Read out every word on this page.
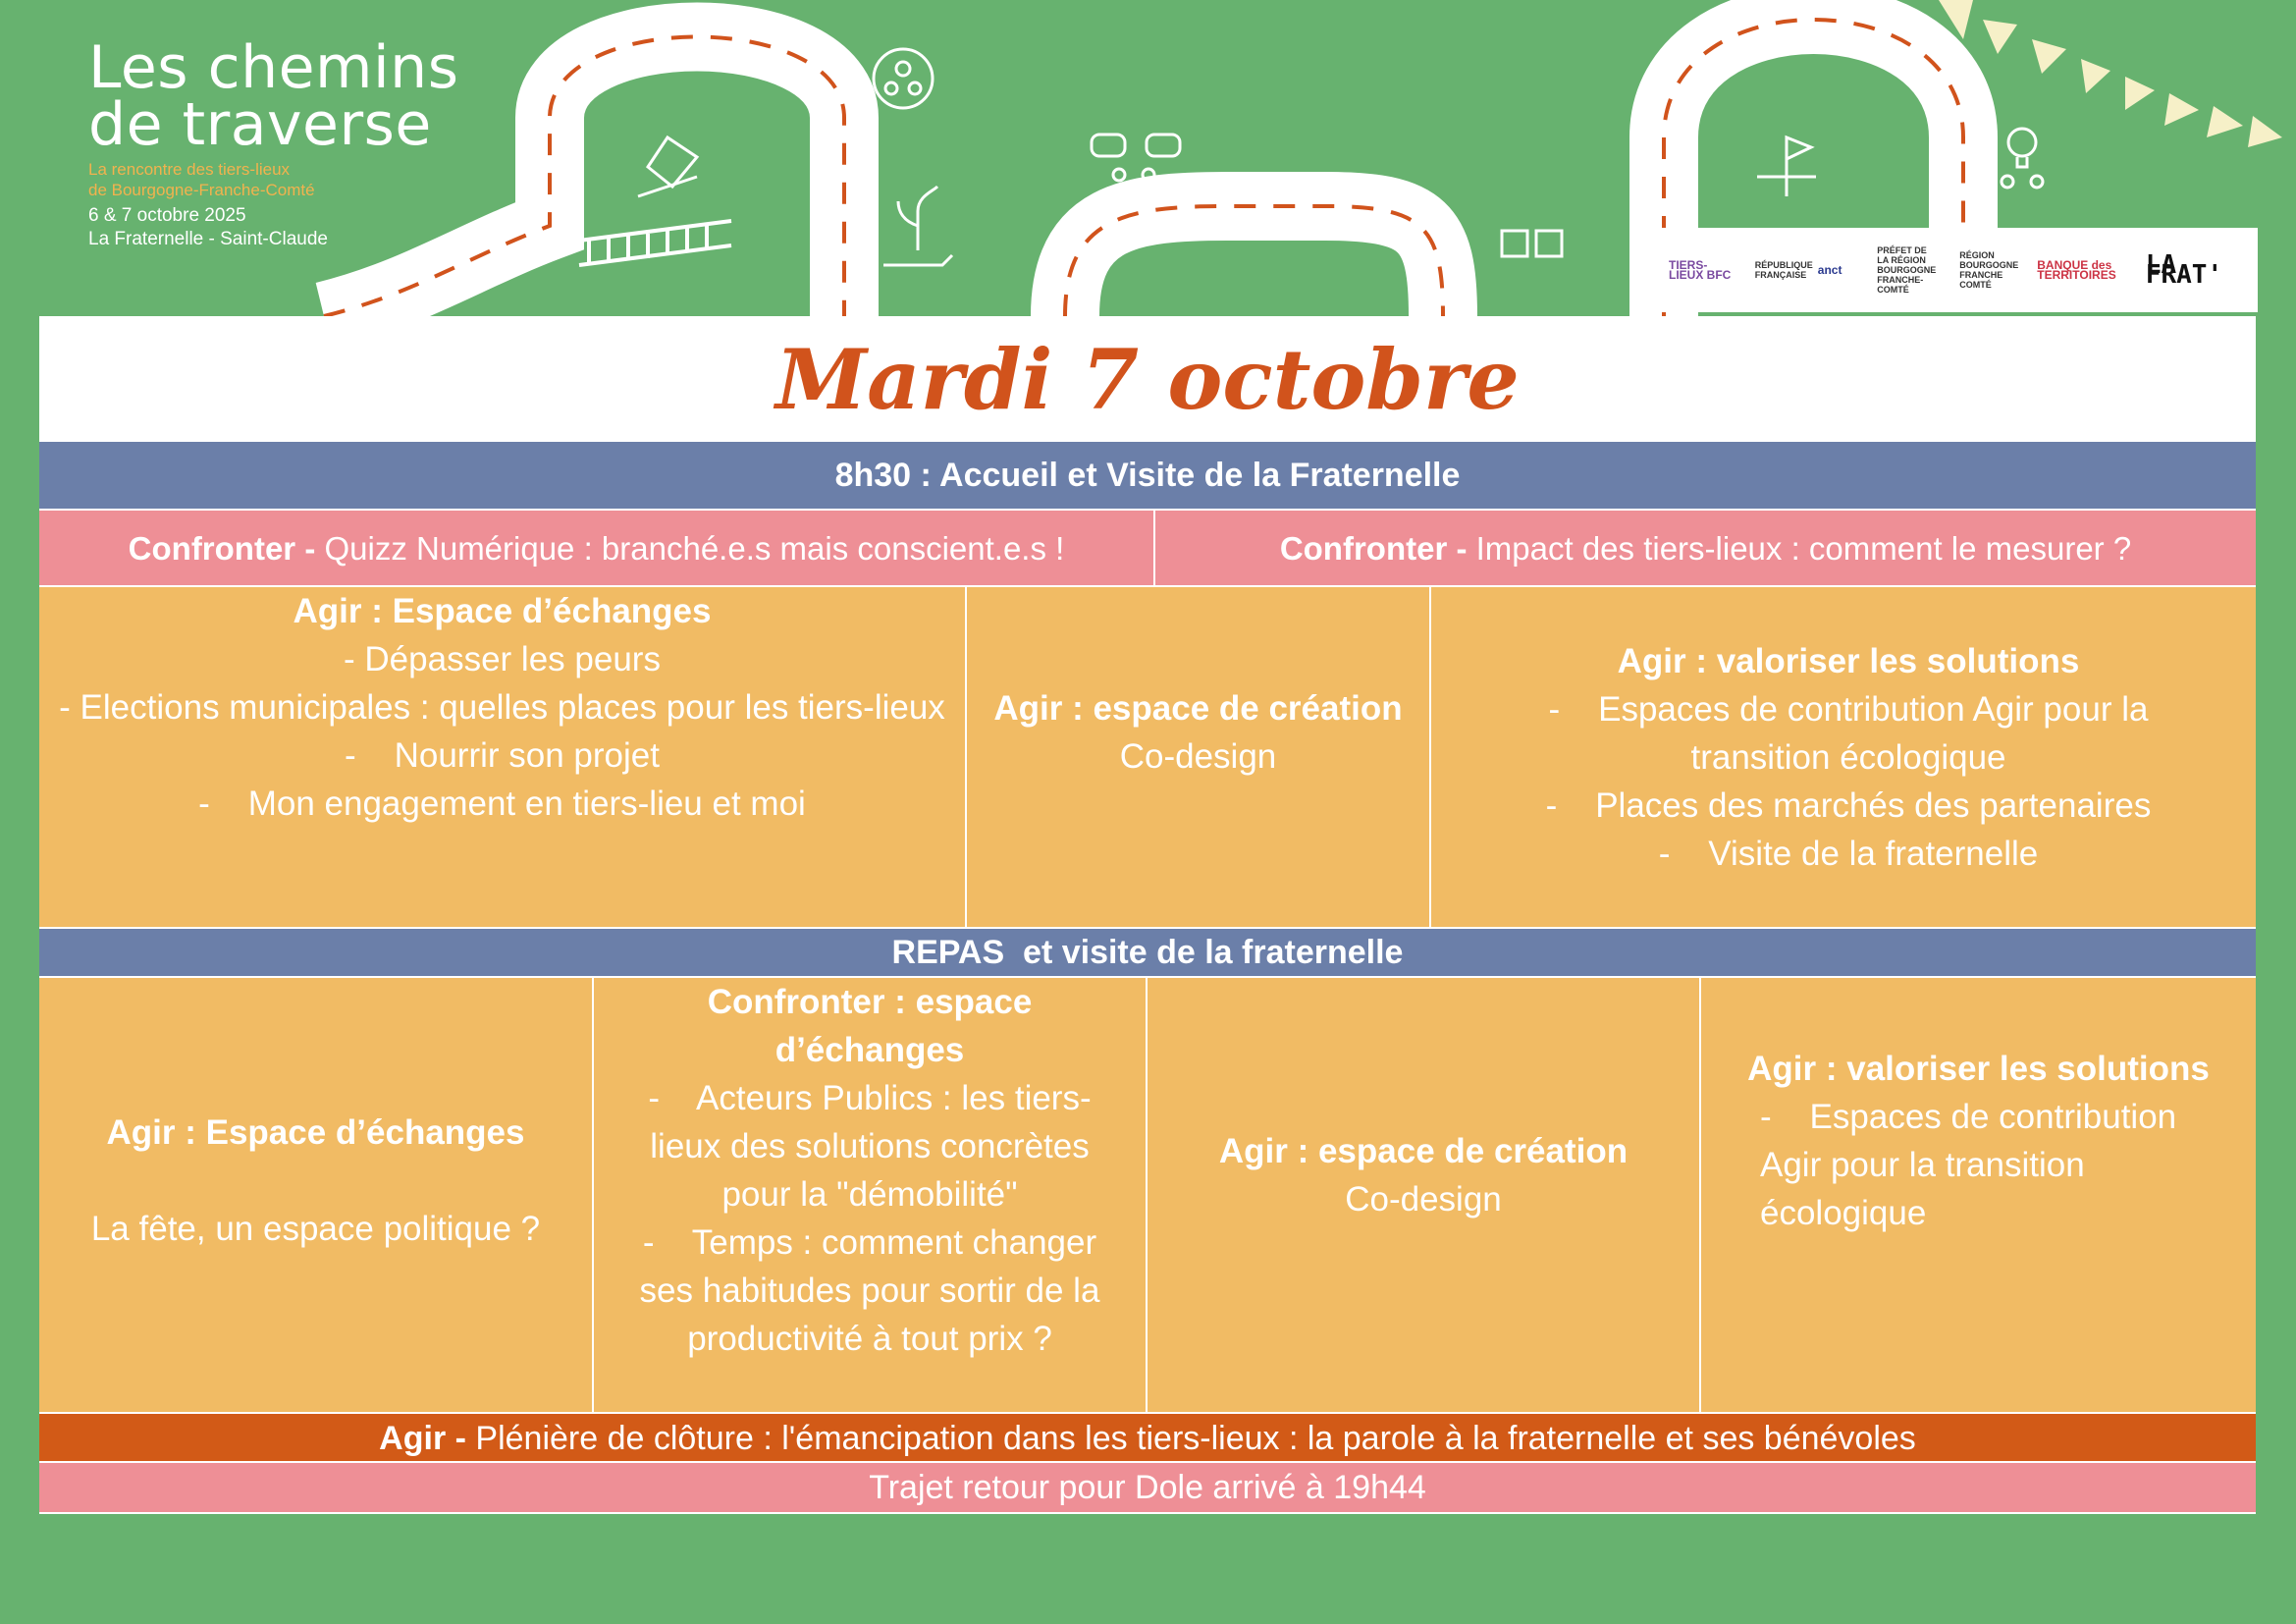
Les chemins
de traverse
La rencontre des tiers-lieux
de Bourgogne-Franche-Comté
6 & 7 octobre 2025
La Fraternelle - Saint-Claude
TIERS-LIEUX BFC
RÉPUBLIQUE FRANÇAISE anct
PRÉFET DE LA RÉGION BOURGOGNE FRANCHE-COMTÉ
RÉGION BOURGOGNE FRANCHE COMTÉ
BANQUE des TERRITOIRES LA FRAT'
Mardi 7 octobre
8h30 : Accueil et Visite de la Fraternelle
Confronter - Quizz Numérique : branché.e.s mais conscient.e.s !	Confronter - Impact des tiers-lieux : comment le mesurer ?
Agir : Espace d’échanges
- Dépasser les peurs
- Elections municipales : quelles places pour les tiers-lieux
-    Nourrir son projet
-    Mon engagement en tiers-lieu et moi
Agir : espace de création
Co-design
Agir : valoriser les solutions
-    Espaces de contribution Agir pour la transition écologique
-    Places des marchés des partenaires
-    Visite de la fraternelle
REPAS  et visite de la fraternelle
Agir : Espace d’échanges
La fête, un espace politique ?
Confronter : espace d’échanges
-    Acteurs Publics : les tiers-lieux des solutions concrètes pour la "démobilité"
-    Temps : comment changer ses habitudes pour sortir de la productivité à tout prix ?
Agir : espace de création
Co-design
Agir : valoriser les solutions
-    Espaces de contribution Agir pour la transition écologique
Agir - Plénière de clôture : l'émancipation dans les tiers-lieux : la parole à la fraternelle et ses bénévoles
Trajet retour pour Dole arrivé à 19h44
